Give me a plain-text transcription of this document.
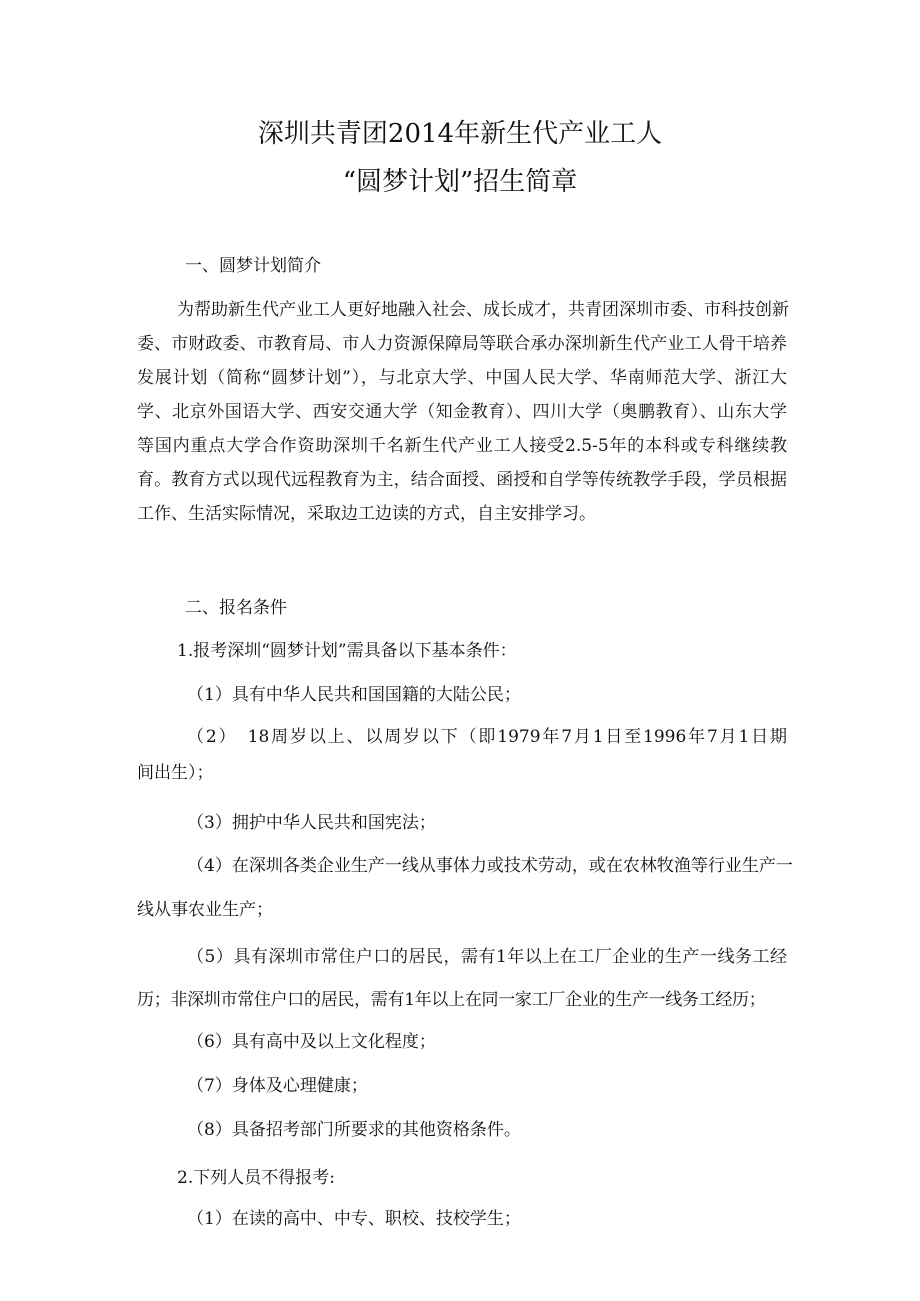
深圳共青团2014年新生代产业工人
“圆梦计划”招生简章
一、圆梦计划简介
为帮助新生代产业工人更好地融入社会、成长成才，共青团深圳市委、市科技创新
委、市财政委、市教育局、市人力资源保障局等联合承办深圳新生代产业工人骨干培养
发展计划（简称“圆梦计划”），与北京大学、中国人民大学、华南师范大学、浙江大
学、北京外国语大学、西安交通大学（知金教育）、四川大学（奥鹏教育）、山东大学
等国内重点大学合作资助深圳千名新生代产业工人接受2.5-5年的本科或专科继续教
育。教育方式以现代远程教育为主，结合面授、函授和自学等传统教学手段，学员根据
工作、生活实际情况，采取边工边读的方式，自主安排学习。
二、报名条件
1.报考深圳“圆梦计划”需具备以下基本条件：
（1）具有中华人民共和国国籍的大陆公民；
（2）　18周岁以上、以周岁以下（即1979年7月1日至1996年7月1日期
间出生）；
（3）拥护中华人民共和国宪法；
（4）在深圳各类企业生产一线从事体力或技术劳动，或在农林牧渔等行业生产一
线从事农业生产；
（5）具有深圳市常住户口的居民，需有1年以上在工厂企业的生产一线务工经
历；非深圳市常住户口的居民，需有1年以上在同一家工厂企业的生产一线务工经历；
（6）具有高中及以上文化程度；
（7）身体及心理健康；
（8）具备招考部门所要求的其他资格条件。
2.下列人员不得报考:
（1）在读的高中、中专、职校、技校学生；
